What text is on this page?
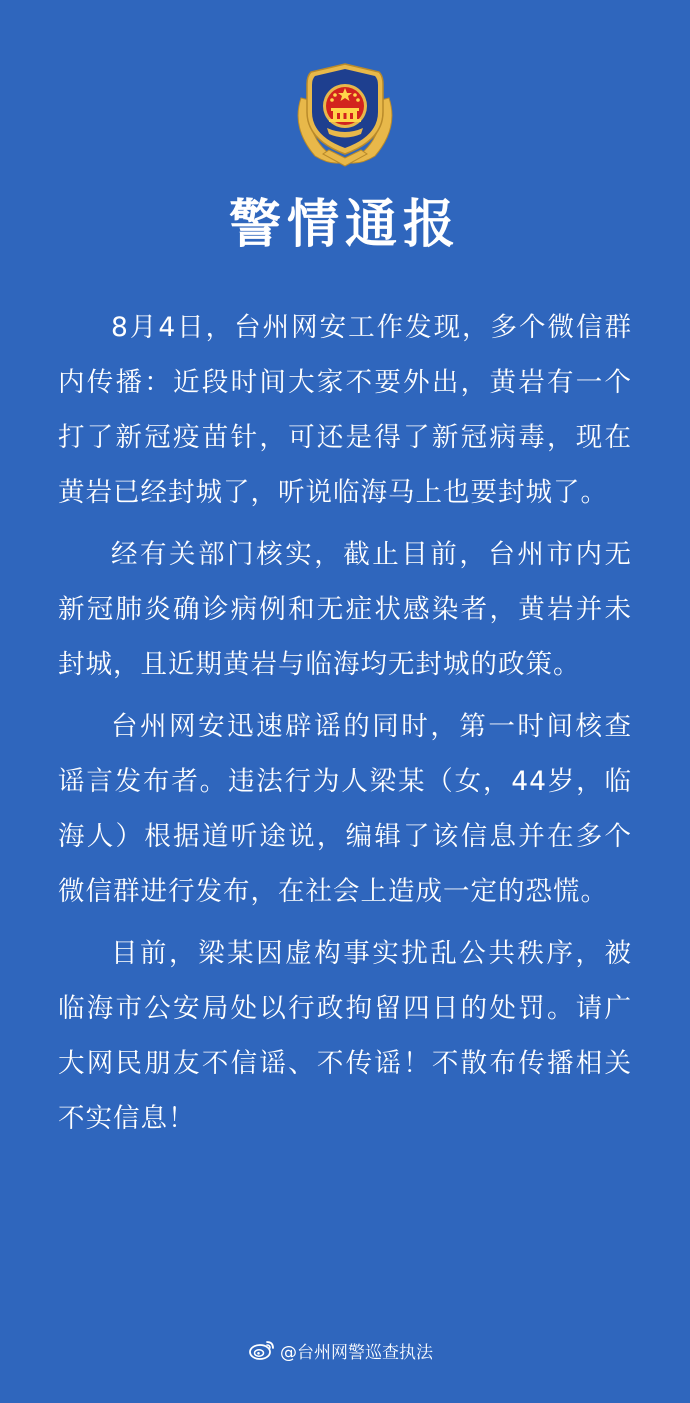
警情通报

8月4日，台州网安工作发现，多个微信群内传播：近段时间大家不要外出，黄岩有一个打了新冠疫苗针，可还是得了新冠病毒，现在黄岩已经封城了，听说临海马上也要封城了。

经有关部门核实，截止目前，台州市内无新冠肺炎确诊病例和无症状感染者，黄岩并未封城，且近期黄岩与临海均无封城的政策。

台州网安迅速辟谣的同时，第一时间核查谣言发布者。违法行为人梁某（女，44岁，临海人）根据道听途说，编辑了该信息并在多个微信群进行发布，在社会上造成一定的恐慌。

目前，梁某因虚构事实扰乱公共秩序，被临海市公安局处以行政拘留四日的处罚。请广大网民朋友不信谣、不传谣！不散布传播相关不实信息！

@台州网警巡查执法
